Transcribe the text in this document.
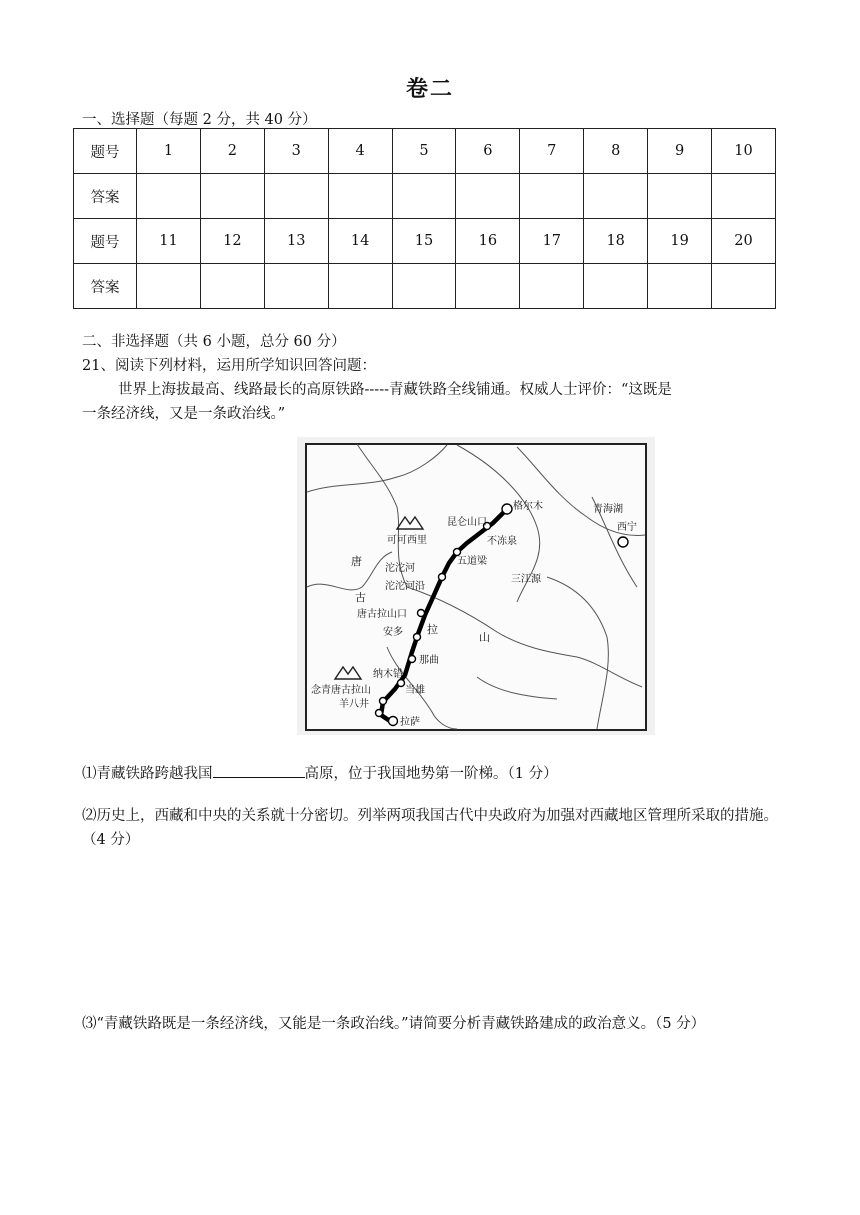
卷二
一、选择题（每题 2 分，共 40 分）
题号	1	2	3	4	5	6	7	8	9	10
答案										
题号	11	12	13	14	15	16	17	18	19	20
答案										
二、非选择题（共 6 小题，总分 60 分）
21、阅读下列材料，运用所学知识回答问题：
世界上海拔最高、线路最长的高原铁路-----青藏铁路全线铺通。权威人士评价：“这既是
一条经济线，又是一条政治线。”
格尔木
昆仑山口
不冻泉
可可西里
五道梁
沱沱河
沱沱河沿
唐古拉山口
安多
那曲
纳木错
念青唐古拉山	当雄
羊八井
拉萨
青海湖
西宁
三江源
唐
古
拉
山
⑴青藏铁路跨越我国	高原，位于我国地势第一阶梯。（1 分）
⑵历史上，西藏和中央的关系就十分密切。列举两项我国古代中央政府为加强对西藏地区管理所采取的措施。（4 分）
⑶“青藏铁路既是一条经济线，又能是一条政治线。”请简要分析青藏铁路建成的政治意义。（5 分）
